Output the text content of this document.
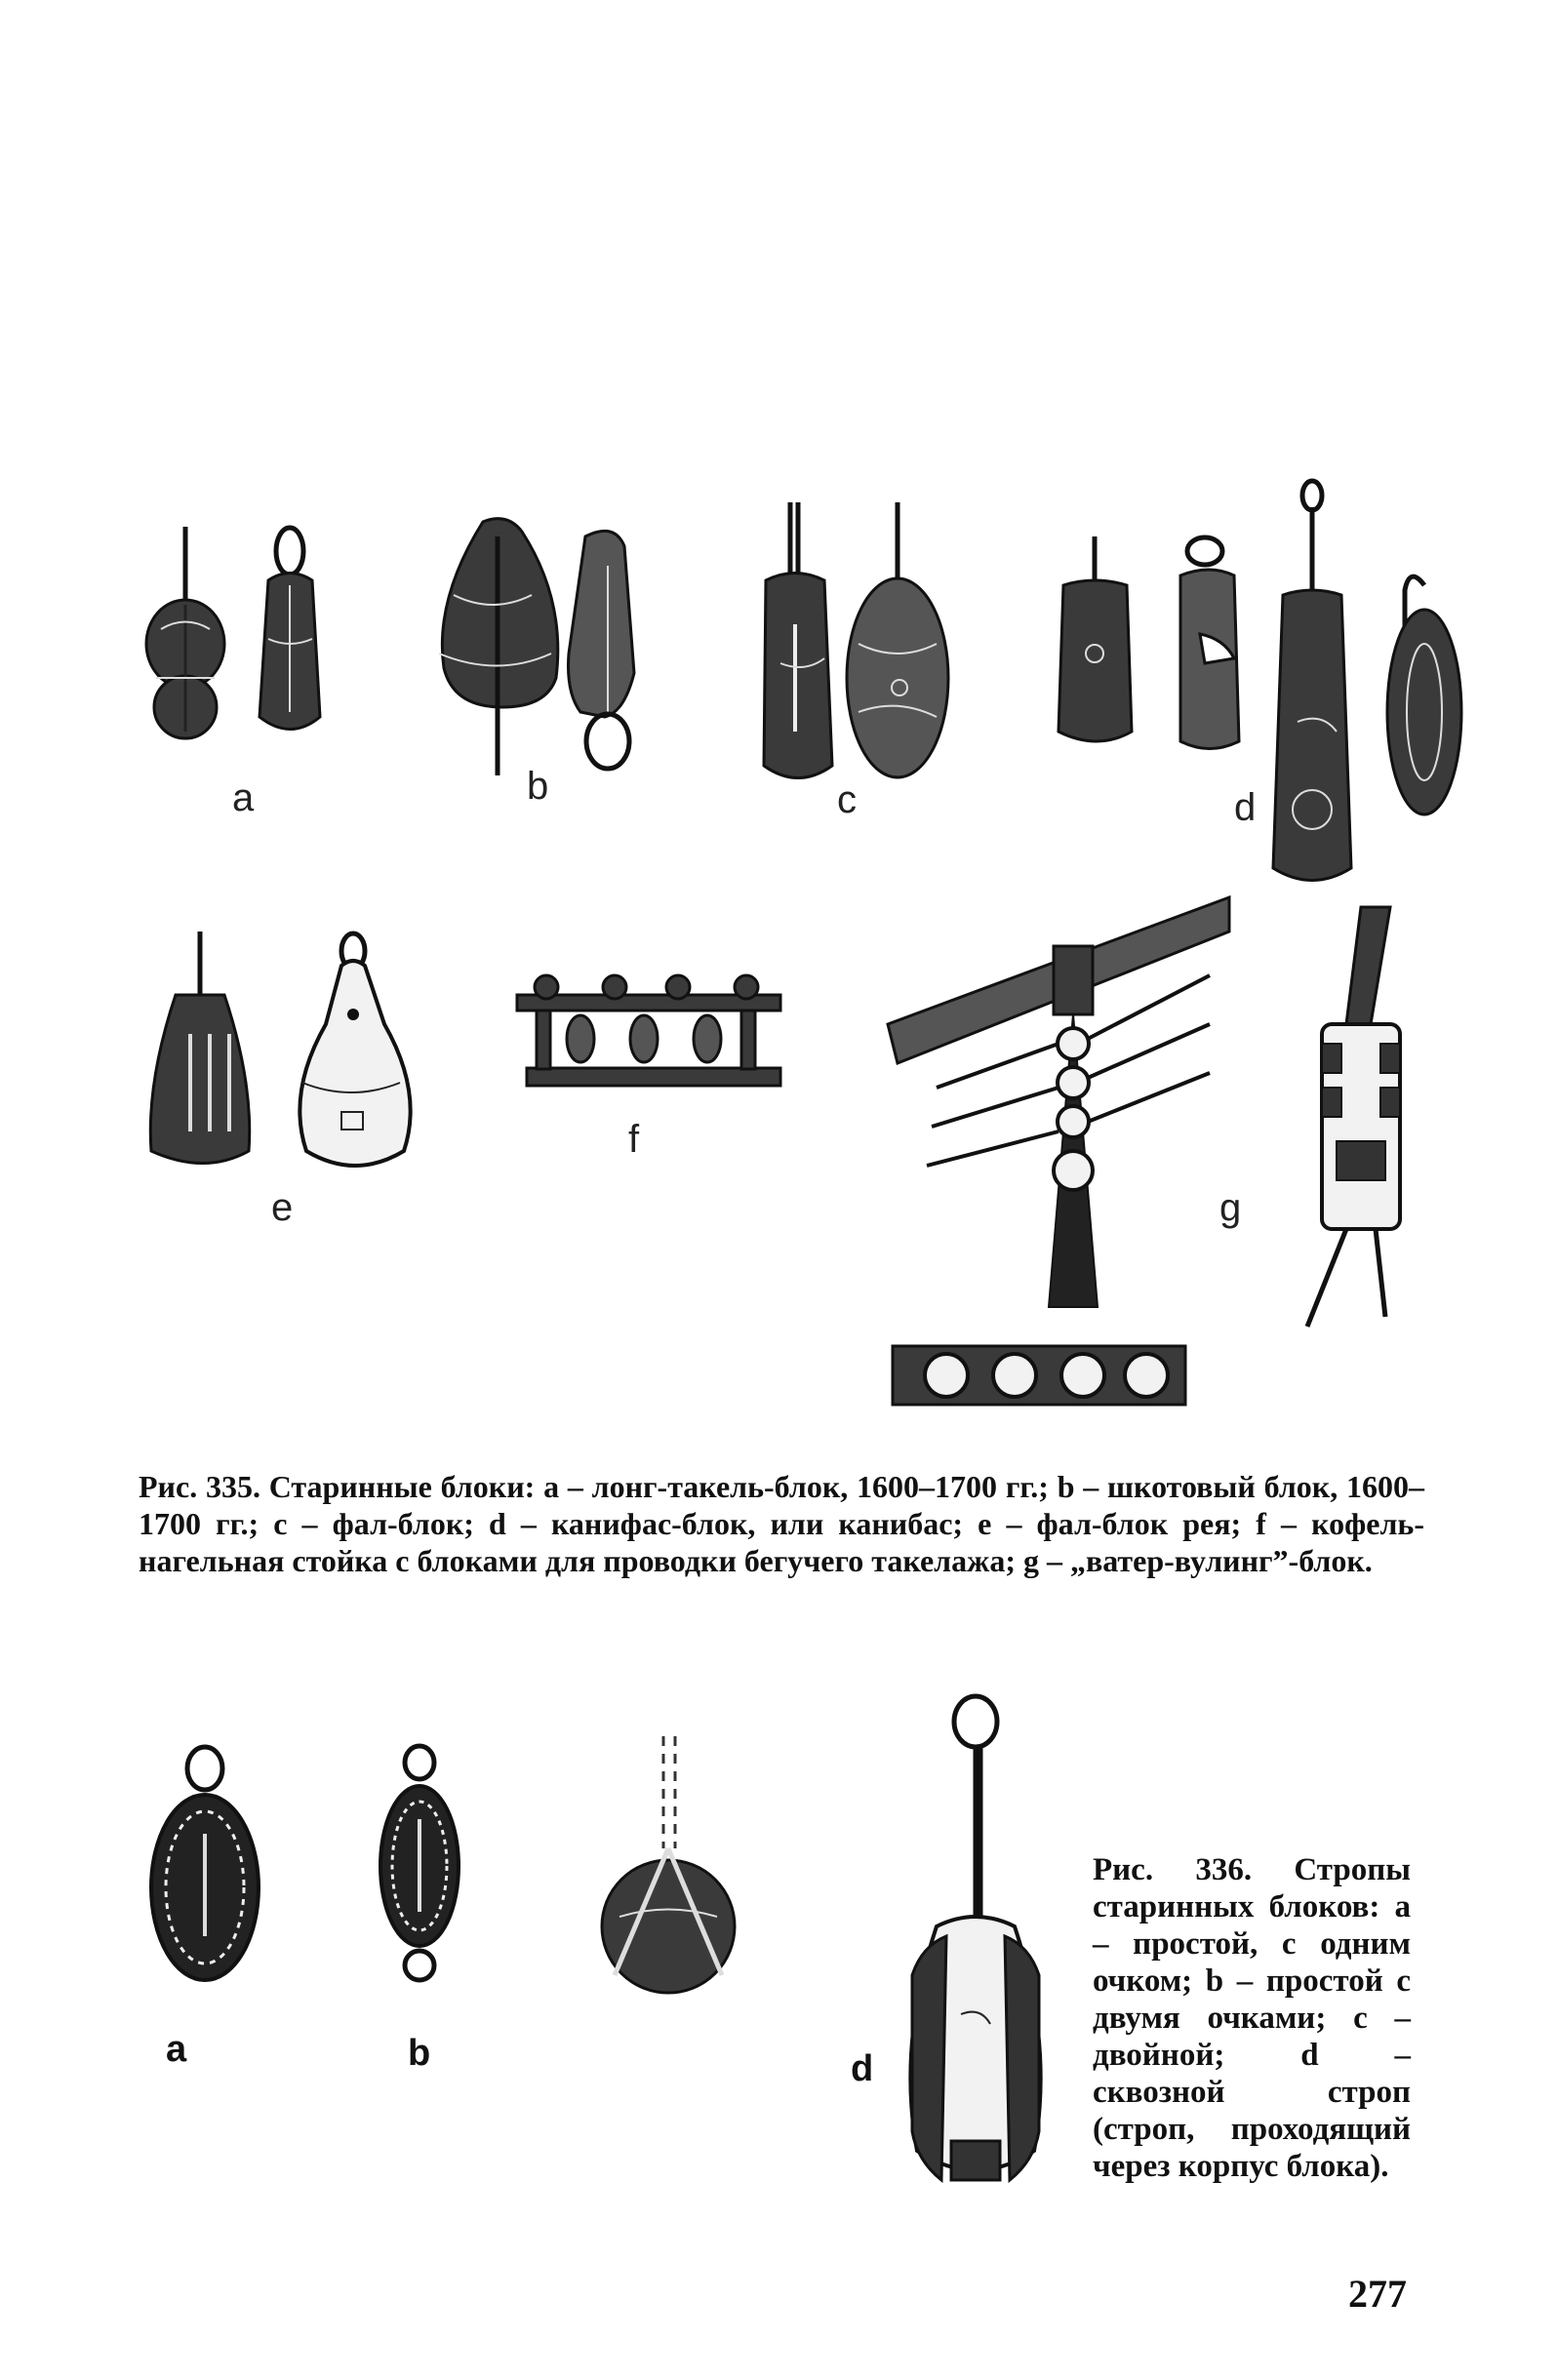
a	b	c	d
e
f
g
Рис. 335. Старинные блоки: a – лонг-такель-блок, 1600–1700 гг.; b – шкотовый блок, 1600–1700 гг.; c – фал-блок; d – канифас-блок, или канибас; e – фал-блок рея; f – кофель-нагельная стойка с блоками для проводки бегучего такелажа; g – „ватер-вулинг”-блок.
a	b	d
Рис. 336. Стропы старинных блоков: a – простой, с одним очком; b – простой с двумя очками; c – двойной; d – сквозной строп (строп, проходящий через корпус блока).
277
